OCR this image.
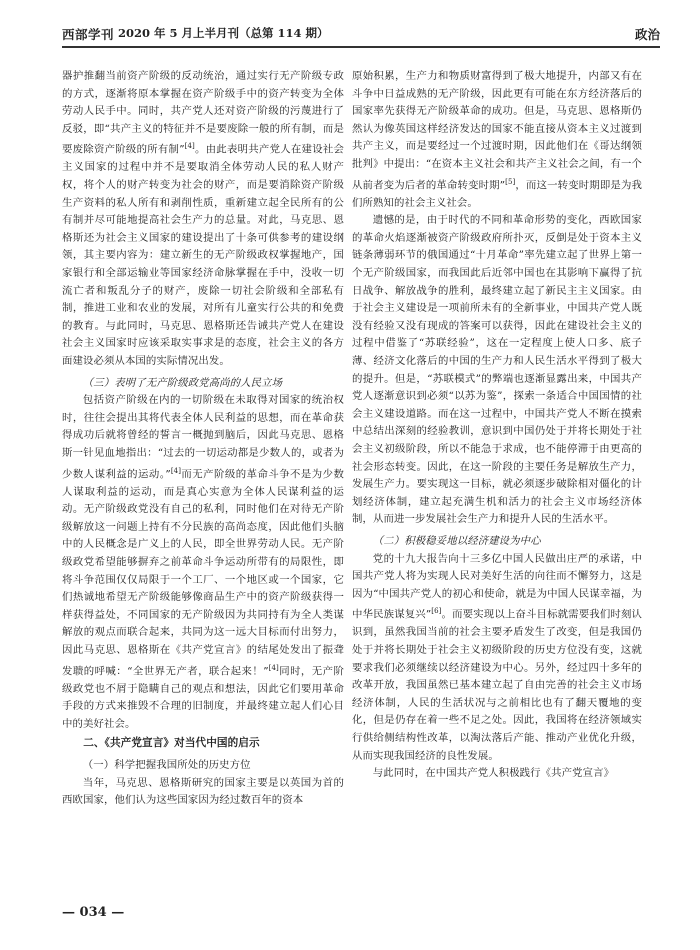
西部学刊 2020 年 5 月上半月刊（总第 114 期）	政治

器护推翻当前资产阶级的反动统治，通过实行无产阶级专政的方式，逐渐将原本掌握在资产阶级手中的资产转变为全体劳动人民手中。同时，共产党人还对资产阶级的污蔑进行了反驳，即“共产主义的特征并不是要废除一般的所有制，而是要废除资产阶级的所有制”[4]。由此表明共产党人在建设社会主义国家的过程中并不是要取消全体劳动人民的私人财产权，将个人的财产转变为社会的财产，而是要消除资产阶级生产资料的私人所有和剥削性质，重新建立起全民所有的公有制并尽可能地提高社会生产力的总量。对此，马克思、恩格斯还为社会主义国家的建设提出了十条可供参考的建设纲领，其主要内容为：建立新生的无产阶级政权掌握地产，国家银行和全部运输业等国家经济命脉掌握在手中，没收一切流亡者和叛乱分子的财产，废除一切社会阶级和全部私有制，推进工业和农业的发展，对所有儿童实行公共的和免费的教育。与此同时，马克思、恩格斯还告诫共产党人在建设社会主义国家时应该采取实事求是的态度，社会主义的各方面建设必须从本国的实际情况出发。

（三）表明了无产阶级政党高尚的人民立场

包括资产阶级在内的一切阶级在未取得对国家的统治权时，往往会提出其将代表全体人民利益的思想，而在革命获得成功后就将曾经的誓言一概抛到脑后，因此马克思、恩格斯一针见血地指出：“过去的一切运动都是少数人的，或者为少数人谋利益的运动。”[4]而无产阶级的革命斗争不是为少数人谋取利益的运动，而是真心实意为全体人民谋利益的运动。无产阶级政党没有自己的私利，同时他们在对待无产阶级解放这一问题上持有不分民族的高尚态度，因此他们头脑中的人民概念是广义上的人民，即全世界劳动人民。无产阶级政党希望能够摒弃之前革命斗争运动所带有的局限性，即将斗争范围仅仅局限于一个工厂、一个地区或一个国家，它们热诚地希望无产阶级能够像商品生产中的资产阶级获得一样获得益处，不同国家的无产阶级因为共同持有为全人类谋解放的观点而联合起来，共同为这一远大目标而付出努力，因此马克思、恩格斯在《共产党宣言》的结尾处发出了振聋发聩的呼喊：“全世界无产者，联合起来！”[4]同时，无产阶级政党也不屑于隐瞒自己的观点和想法，因此它们要用革命手段的方式来推毁不合理的旧制度，并最终建立起人们心目中的美好社会。

二、《共产党宣言》对当代中国的启示
（一）科学把握我国所处的历史方位

当年，马克思、恩格斯研究的国家主要是以英国为首的西欧国家，他们认为这些国家因为经过数百年的资本

原始积累，生产力和物质财富得到了极大地提升，内部又有在斗争中日益成熟的无产阶级，因此更有可能在东方经济落后的国家率先获得无产阶级革命的成功。但是，马克思、恩格斯仍然认为像英国这样经济发达的国家不能直接从资本主义过渡到共产主义，而是要经过一个过渡时期，因此他们在《哥达纲领批判》中提出：“在资本主义社会和共产主义社会之间，有一个从前者变为后者的革命转变时期”[5]，而这一转变时期即是为我们所熟知的社会主义社会。

遗憾的是，由于时代的不同和革命形势的变化，西欧国家的革命火焰逐渐被资产阶级政府所扑灭，反倒是处于资本主义链条薄弱环节的俄国通过“十月革命”率先建立起了世界上第一个无产阶级国家，而我国此后近邻中国也在其影响下赢得了抗日战争、解放战争的胜利，最终建立起了新民主主义国家。由于社会主义建设是一项前所未有的全新事业，中国共产党人既没有经验又没有现成的答案可以获得，因此在建设社会主义的过程中借鉴了“苏联经验”，这在一定程度上使人口多、底子薄、经济文化落后的中国的生产力和人民生活水平得到了极大的提升。但是，“苏联模式”的弊端也逐渐显露出来，中国共产党人逐渐意识到必须“以苏为鉴”，探索一条适合中国国情的社会主义建设道路。而在这一过程中，中国共产党人不断在摸索中总结出深刻的经验教训，意识到中国仍处于并将长期处于社会主义初级阶段，所以不能急于求成，也不能停滞于由更高的社会形态转变。因此，在这一阶段的主要任务是解放生产力，发展生产力。要实现这一目标，就必须逐步破除相对僵化的计划经济体制，建立起充满生机和活力的社会主义市场经济体制，从而进一步发展社会生产力和提升人民的生活水平。

（二）积极稳妥地以经济建设为中心

党的十九大报告向十三多亿中国人民做出庄严的承诺，中国共产党人将为实现人民对美好生活的向往而不懈努力，这是因为“中国共产党人的初心和使命，就是为中国人民谋幸福，为中华民族谋复兴”[6]。而要实现以上奋斗目标就需要我们时刻认识到，虽然我国当前的社会主要矛盾发生了改变，但是我国仍处于并将长期处于社会主义初级阶段的历史方位没有变，这就要求我们必须继续以经济建设为中心。另外，经过四十多年的改革开放，我国虽然已基本建立起了自由完善的社会主义市场经济体制，人民的生活状况与之前相比也有了翻天覆地的变化，但是仍存在着一些不足之处。因此，我国将在经济领域实行供给侧结构性改革，以淘汰落后产能、推动产业优化升级，从而实现我国经济的良性发展。

与此同时，在中国共产党人积极践行《共产党宣言》

— 034 —
